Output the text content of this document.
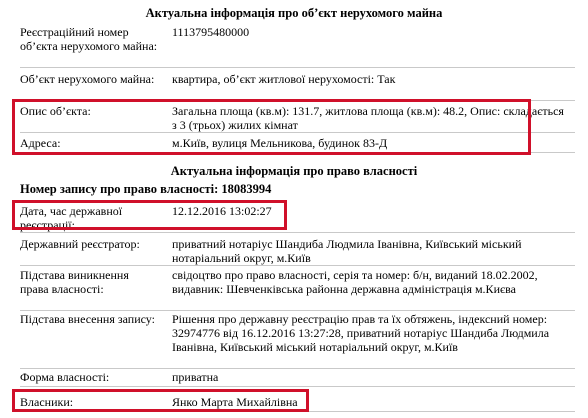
Актуальна інформація про об’єкт нерухомого майна
Реєстраційний номер об’єкта нерухомого майна:
1113795480000
Об’єкт нерухомого майна:	квартира, об’єкт житлової нерухомості: Так
Опис об’єкта:	Загальна площа (кв.м): 131.7, житлова площа (кв.м): 48.2, Опис: складається з 3 (трьох) жилих кімнат
Адреса:	м.Київ, вулиця Мельникова, будинок 83-Д
Актуальна інформація про право власності
Номер запису про право власності: 18083994
Дата, час державної реєстрації:
12.12.2016 13:02:27
Державний реєстратор:	приватний нотаріус Шандиба Людмила Іванівна, Київський міський нотаріальний округ, м.Київ
Підстава виникнення права власності:
свідоцтво про право власності, серія та номер: б/н, виданий 18.02.2002, видавник: Шевченківська районна державна адміністрація м.Києва
Підстава внесення запису:	Рішення про державну реєстрацію прав та їх обтяжень, індексний номер: 32974776 від 16.12.2016 13:27:28, приватний нотаріус Шандиба Людмила Іванівна, Київський міський нотаріальний округ, м.Київ
Форма власності:	приватна
Власники:	Янко Марта Михайлівна
